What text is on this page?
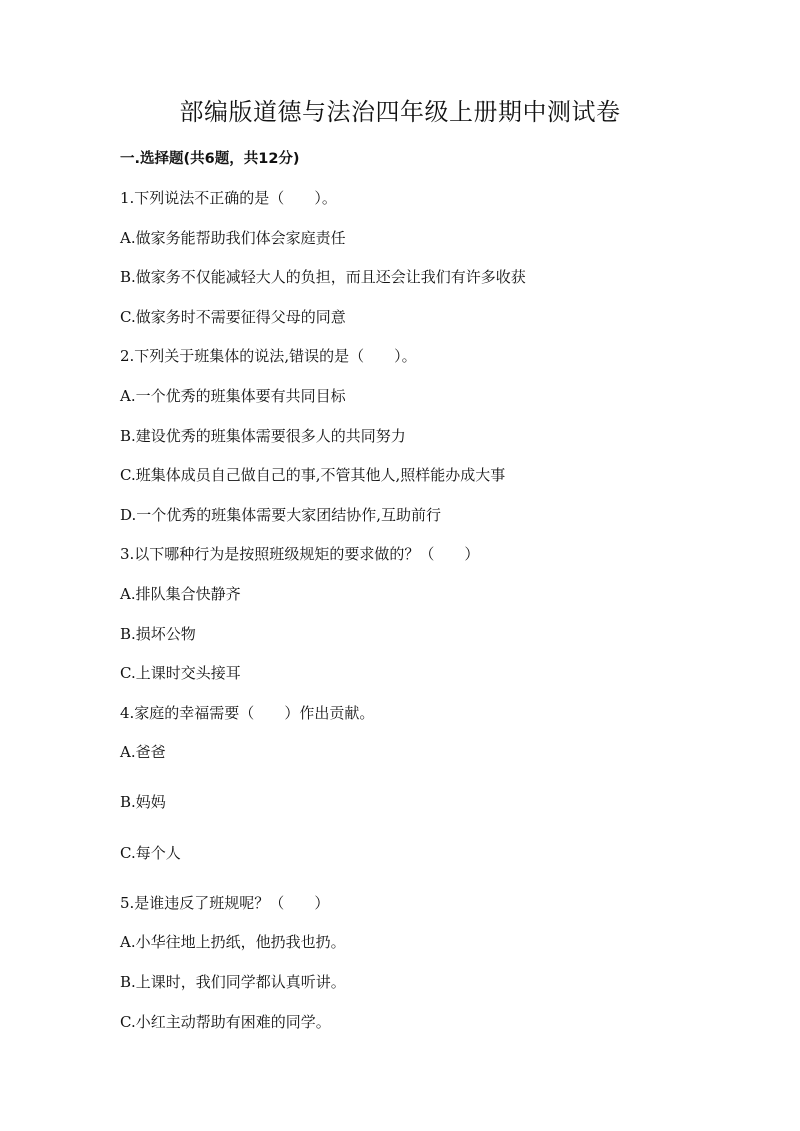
部编版道德与法治四年级上册期中测试卷
一.选择题(共6题，共12分)
1.下列说法不正确的是（　　）。
A.做家务能帮助我们体会家庭责任
B.做家务不仅能减轻大人的负担，而且还会让我们有许多收获
C.做家务时不需要征得父母的同意
2.下列关于班集体的说法,错误的是（　　）。
A.一个优秀的班集体要有共同目标
B.建设优秀的班集体需要很多人的共同努力
C.班集体成员自己做自己的事,不管其他人,照样能办成大事
D.一个优秀的班集体需要大家团结协作,互助前行
3.以下哪种行为是按照班级规矩的要求做的？（　　）
A.排队集合快静齐
B.损坏公物
C.上课时交头接耳
4.家庭的幸福需要（　　）作出贡献。
A.爸爸
B.妈妈
C.每个人
5.是谁违反了班规呢？（　　）
A.小华往地上扔纸，他扔我也扔。
B.上课时，我们同学都认真听讲。
C.小红主动帮助有困难的同学。
